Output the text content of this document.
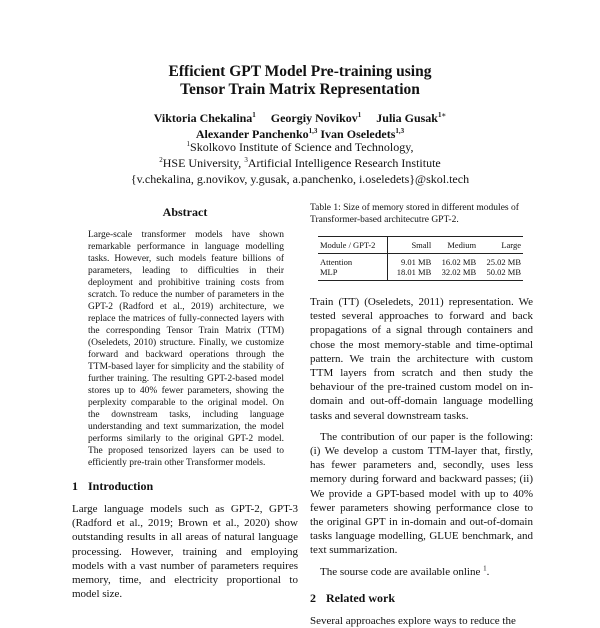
Efficient GPT Model Pre-training using
Tensor Train Matrix Representation
Viktoria Chekalina$^1$ Georgiy Novikov$^1$ Julia Gusak$^{1∗}$
Alexander Panchenko$^{1,3}$ Ivan Oseledets$^{1,3}$
$^1$Skolkovo Institute of Science and Technology,
$^2$HSE University, $^3$Artificial Intelligence Research Institute
{v.chekalina, g.novikov, y.gusak, a.panchenko, i.oseledets}@skol.tech
Abstract

Large-scale transformer models have shown remarkable performance in language modelling tasks. However, such models feature billions of parameters, leading to difficulties in their deployment and prohibitive training costs from scratch. To reduce the number of parameters in the GPT-2 (Radford et al., 2019) architecture, we replace the matrices of fully-connected layers with the corresponding Tensor Train Matrix (TTM) (Oseledets, 2010) structure. Finally, we customize forward and backward operations through the TTM-based layer for simplicity and the stability of further training. The resulting GPT-2-based model stores up to 40% fewer parameters, showing the perplexity comparable to the original model. On the downstream tasks, including language understanding and text summarization, the model performs similarly to the original GPT-2 model. The proposed tensorized layers can be used to efficiently pre-train other Transformer models.

1 Introduction

Large language models such as GPT-2, GPT-3 (Radford et al., 2019; Brown et al., 2020) show outstanding results in all areas of natural language processing. However, training and employing models with a vast number of parameters requires memory, time, and electricity proportional to model size.

Table 1: Size of memory stored in different modules of Transformer-based architecutre GPT-2.

Module / GPT-2	Small	Medium	Large
Attention	9.01 MB	16.02 MB	25.02 MB
MLP	18.01 MB	32.02 MB	50.02 MB

Train (TT) (Oseledets, 2011) representation. We tested several approaches to forward and back propagations of a signal through containers and chose the most memory-stable and time-optimal pattern. We train the architecture with custom TTM layers from scratch and then study the behaviour of the pre-trained custom model on in-domain and out-off-domain language modelling tasks and several downstream tasks.

The contribution of our paper is the following: (i) We develop a custom TTM-layer that, firstly, has fewer parameters and, secondly, uses less memory during forward and backward passes; (ii) We provide a GPT-based model with up to 40% fewer parameters showing performance close to the original GPT in in-domain and out-of-domain tasks language modelling, GLUE benchmark, and text summarization.

The sourse code are available online $^1$.

2 Related work

Several approaches explore ways to reduce the
